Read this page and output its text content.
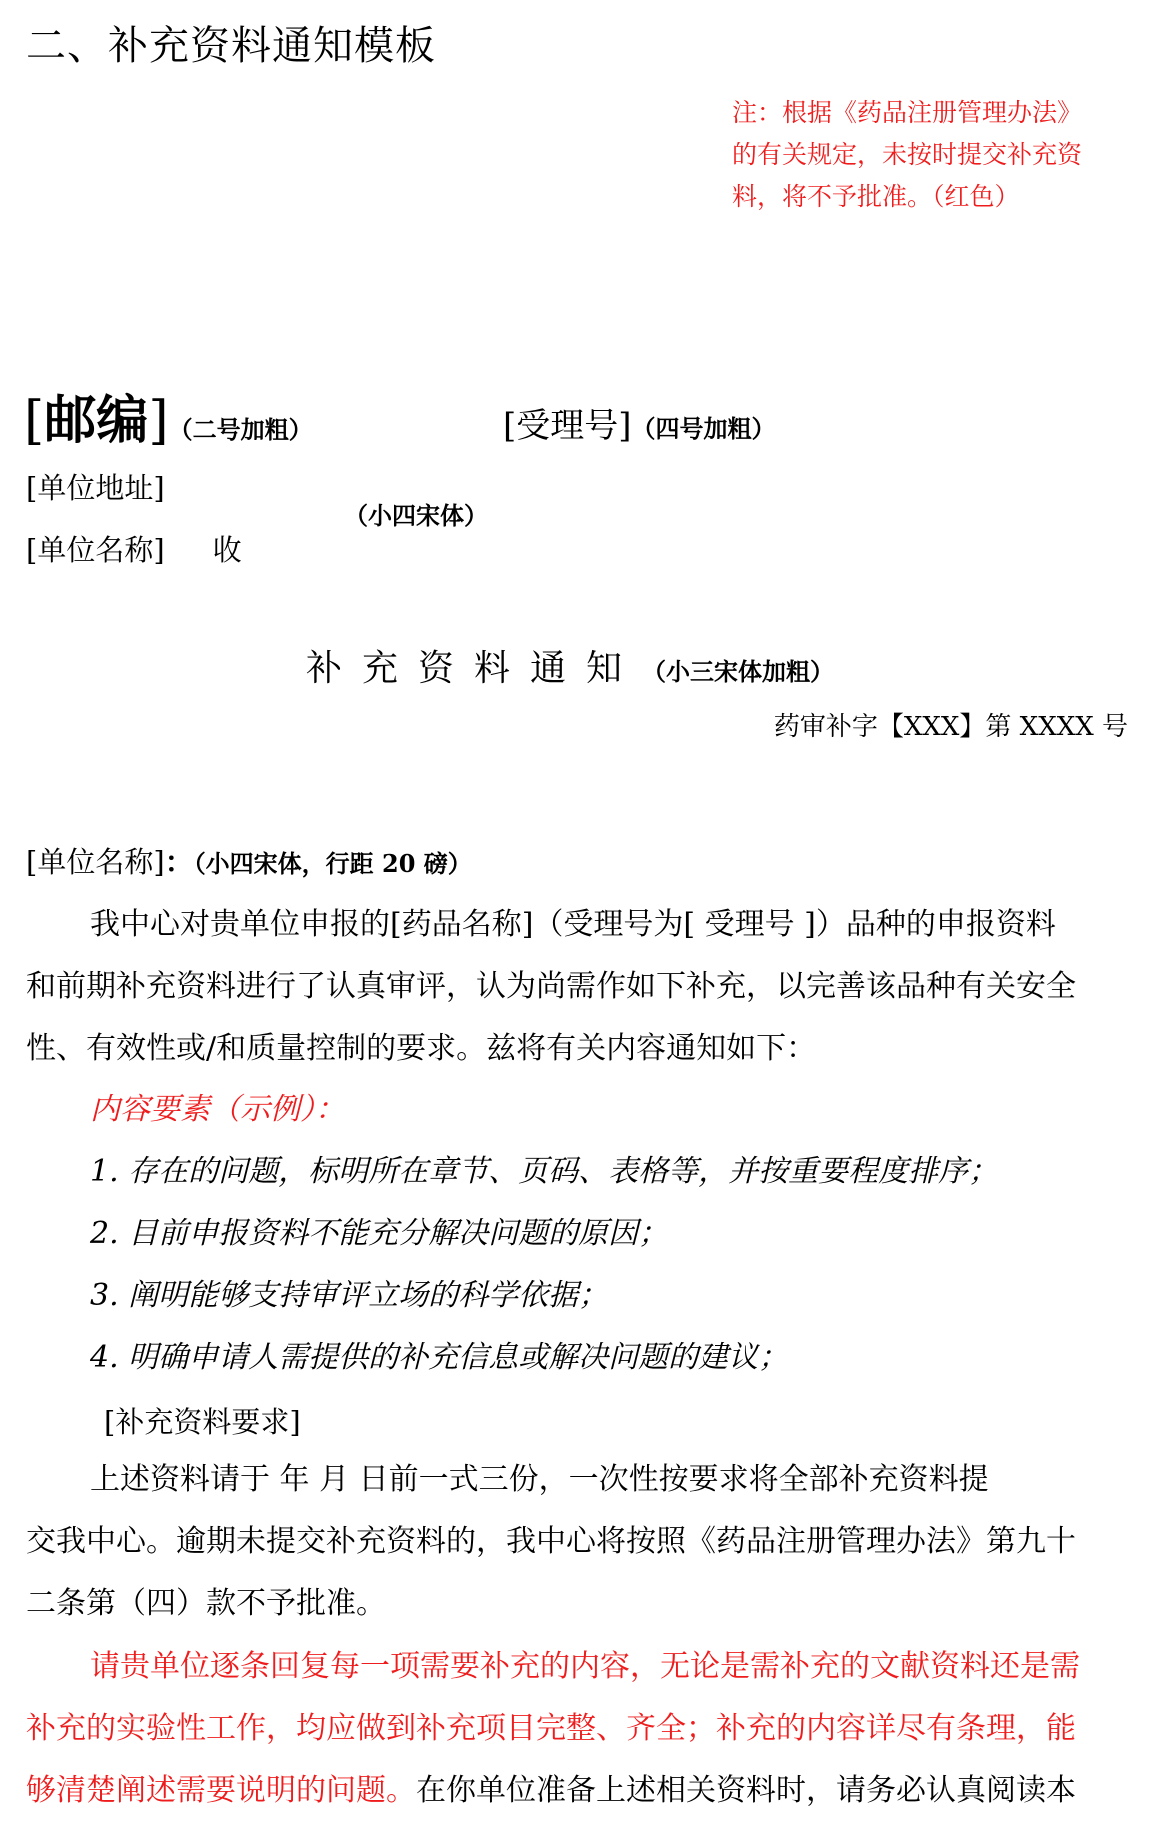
二、补充资料通知模板

注：根据《药品注册管理办法》

的有关规定，未按时提交补充资

料，将不予批准。（红色）

[邮编]（二号加粗）	[受理号]（四号加粗）
[单位地址]
（小四宋体）
[单位名称] 收
补充资料通知（小三宋体加粗）
药审补字【XXX】第 XXXX 号
[单位名称]：（小四宋体，行距 20 磅）
我中心对贵单位申报的[药品名称]（受理号为[ 受理号 ]）品种的申报资料
和前期补充资料进行了认真审评，认为尚需作如下补充，以完善该品种有关安全
性、有效性或/和质量控制的要求。兹将有关内容通知如下：
内容要素（示例）：
1. 存在的问题，标明所在章节、页码、表格等，并按重要程度排序；
2. 目前申报资料不能充分解决问题的原因；
3. 阐明能够支持审评立场的科学依据；
4. 明确申请人需提供的补充信息或解决问题的建议；
[补充资料要求]
上述资料请于 年 月 日前一式三份，一次性按要求将全部补充资料提
交我中心。逾期未提交补充资料的，我中心将按照《药品注册管理办法》第九十
二条第（四）款不予批准。
请贵单位逐条回复每一项需要补充的内容，无论是需补充的文献资料还是需
补充的实验性工作，均应做到补充项目完整、齐全；补充的内容详尽有条理，能
够清楚阐述需要说明的问题。在你单位准备上述相关资料时，请务必认真阅读本
